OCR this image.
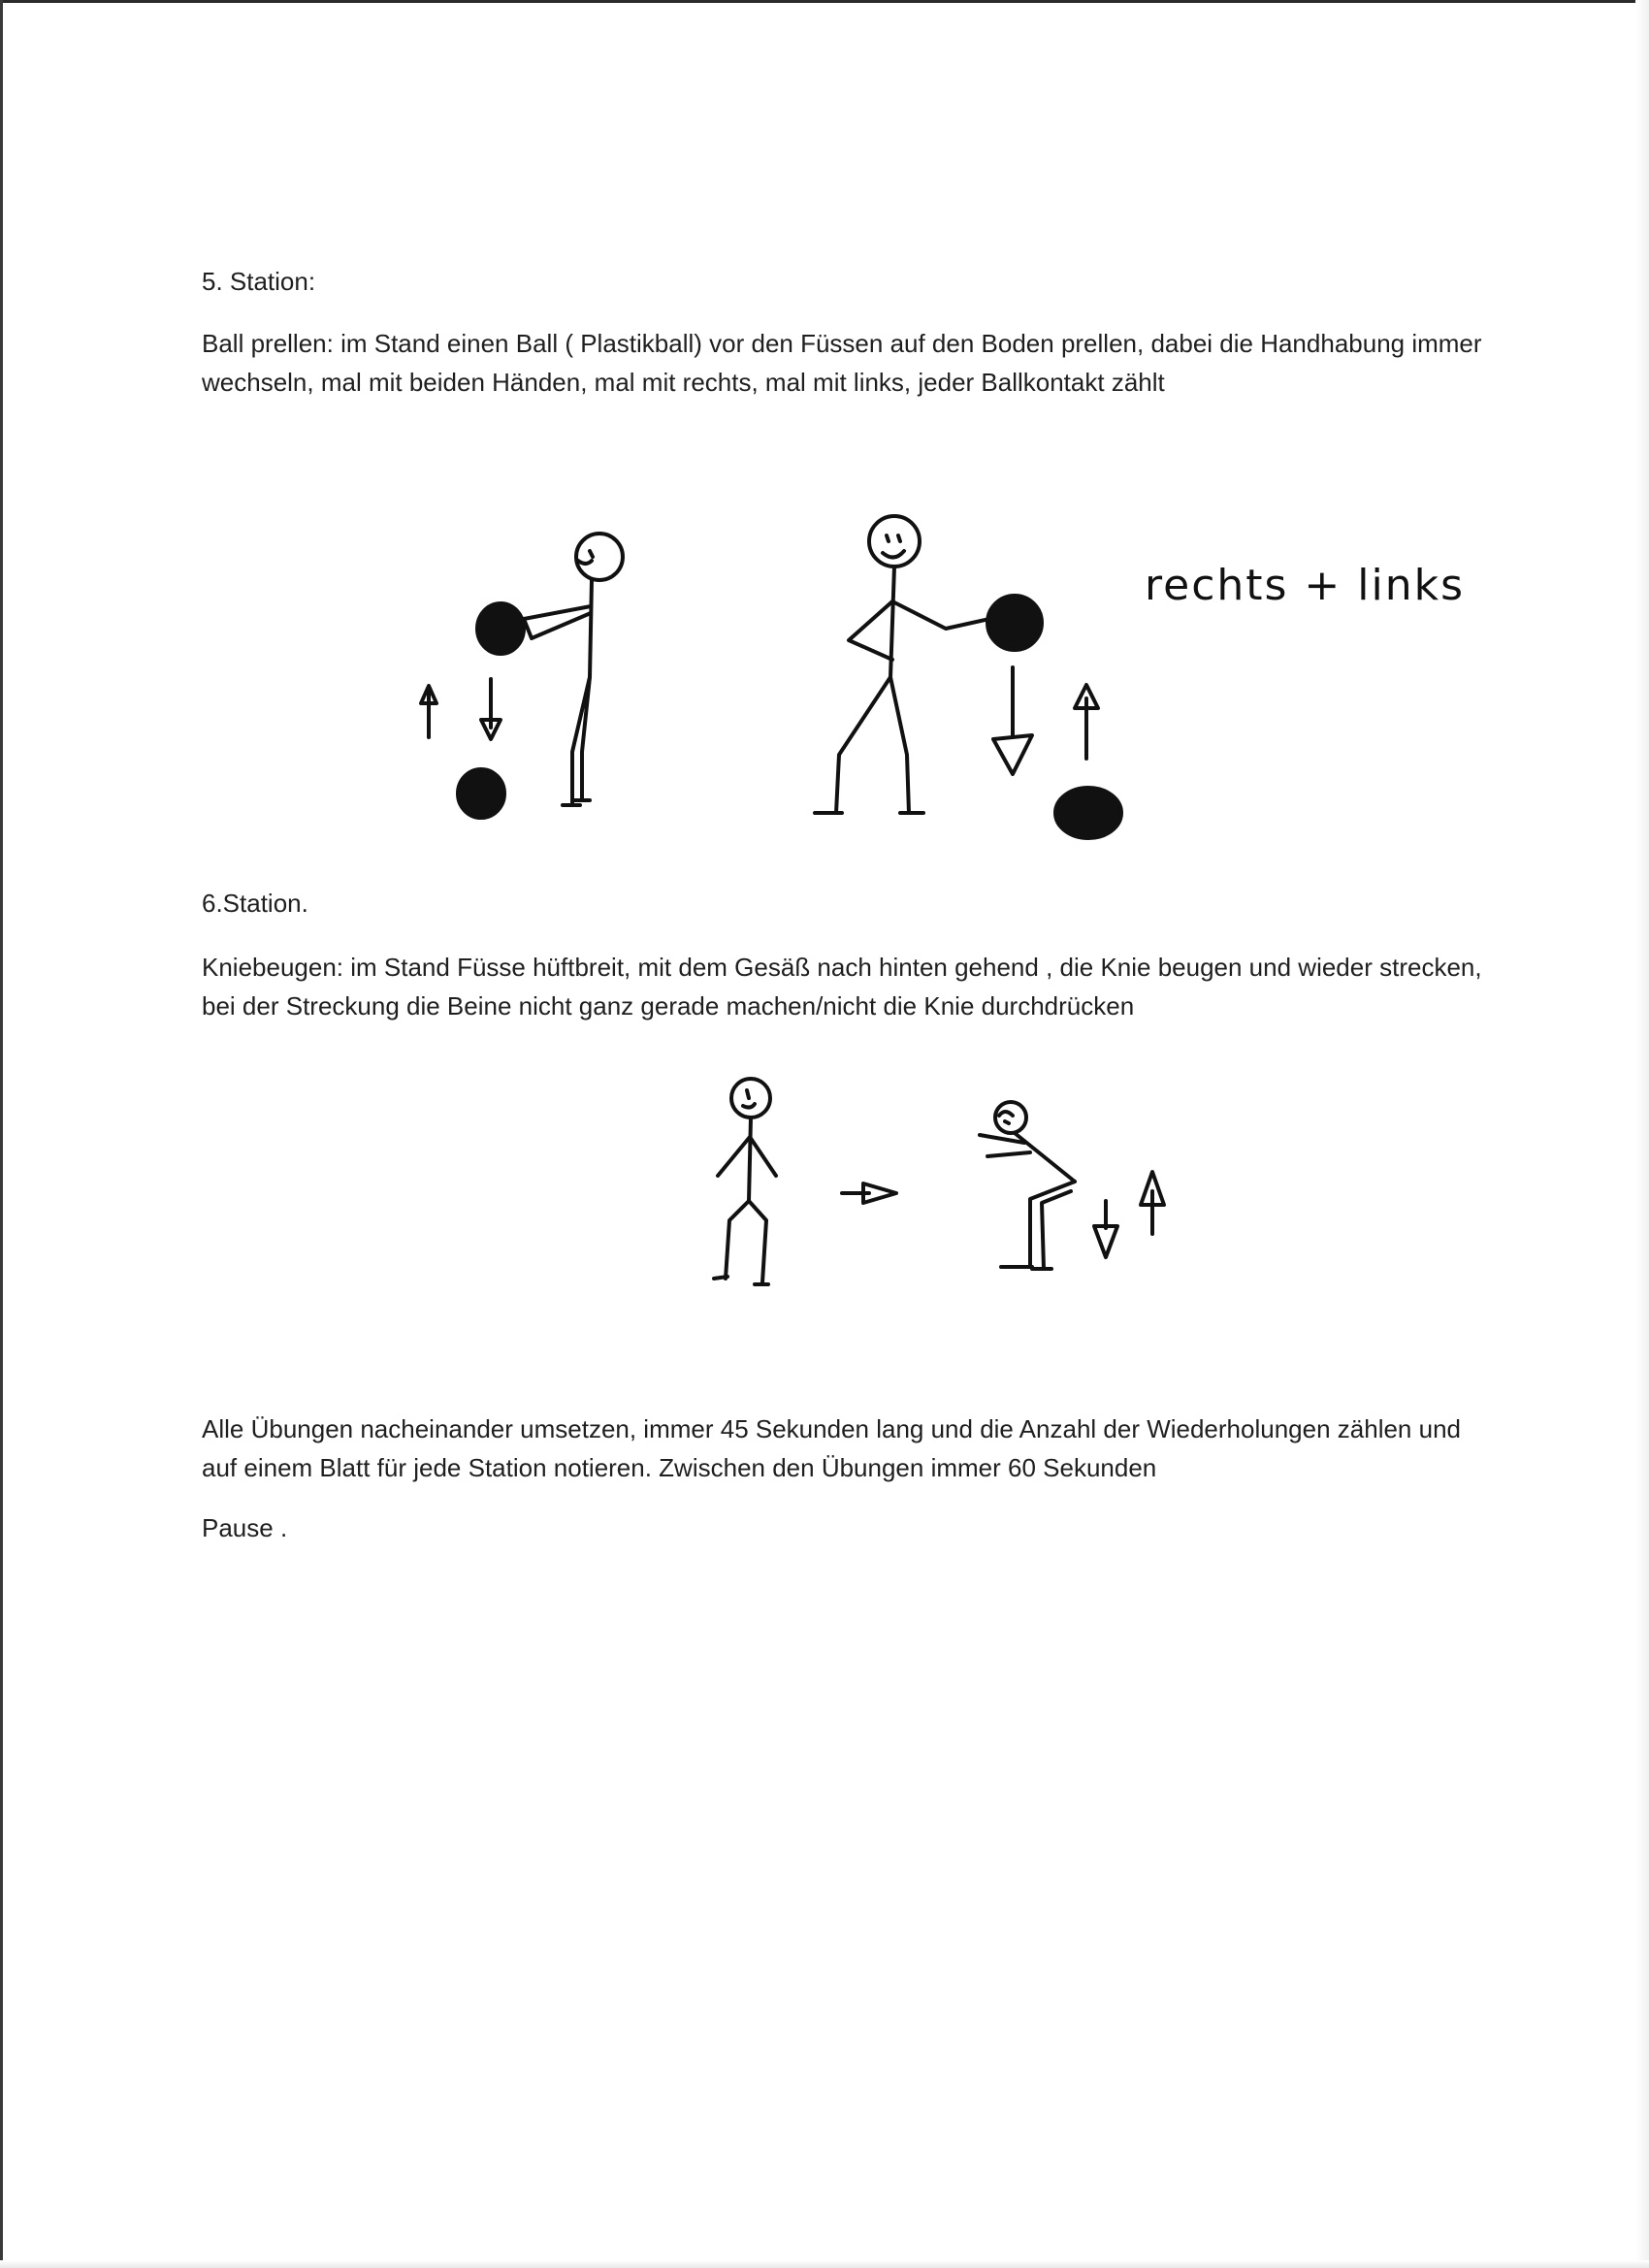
5. Station:

Ball prellen: im Stand einen Ball ( Plastikball) vor den Füssen auf den Boden prellen, dabei die Handhabung immer wechseln, mal mit beiden Händen, mal mit rechts, mal mit links, jeder Ballkontakt zählt

rechts + links
6.Station.

Kniebeugen: im Stand Füsse hüftbreit, mit dem Gesäß nach hinten gehend , die Knie beugen und wieder strecken, bei der Streckung die Beine nicht ganz gerade machen/nicht die Knie durchdrücken

Alle Übungen nacheinander umsetzen, immer 45 Sekunden lang und die Anzahl der Wiederholungen zählen und auf einem Blatt für jede Station notieren. Zwischen den Übungen immer 60 Sekunden

Pause .
